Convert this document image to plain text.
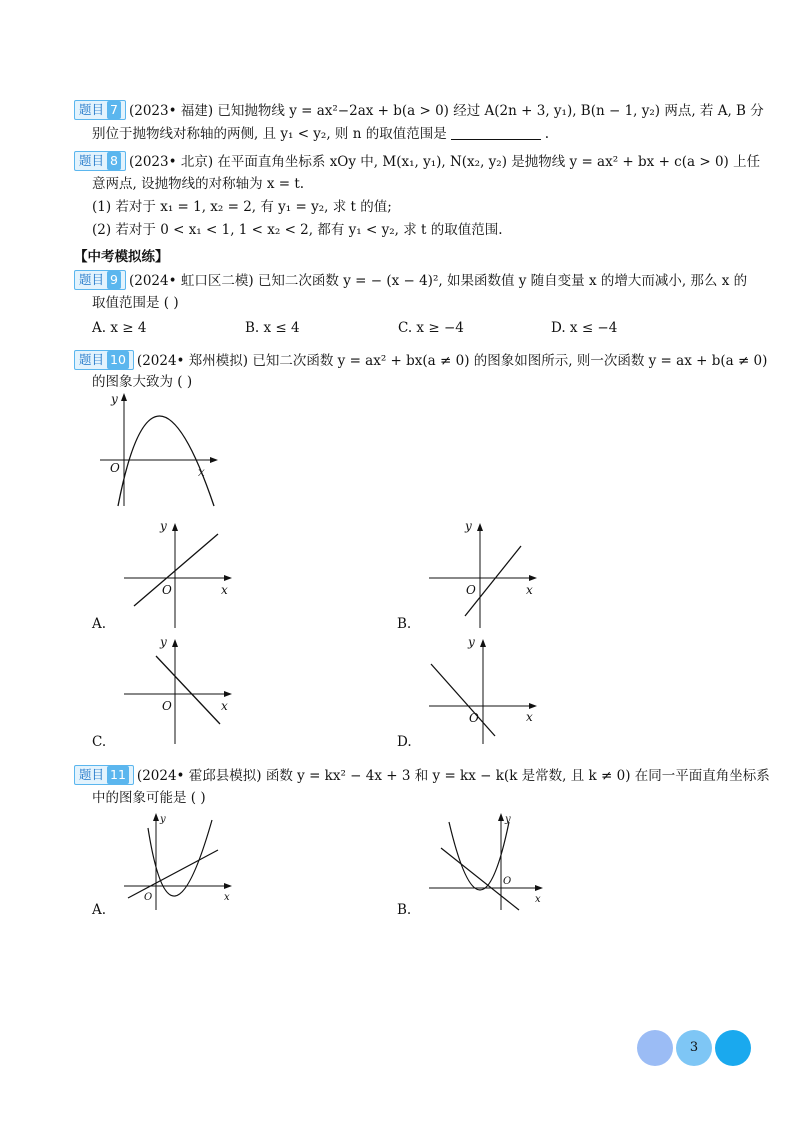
题目 7 (2023• 福建) 已知抛物线 y = ax²−2ax + b(a > 0) 经过 A(2n + 3, y₁), B(n − 1, y₂) 两点, 若 A, B 分
别位于抛物线对称轴的两侧, 且 y₁ < y₂, 则 n 的取值范围是	.
题目 8 (2023• 北京) 在平面直角坐标系 xOy 中, M(x₁, y₁), N(x₂, y₂) 是抛物线 y = ax² + bx + c(a > 0) 上任
意两点, 设抛物线的对称轴为 x = t.
(1) 若对于 x₁ = 1, x₂ = 2, 有 y₁ = y₂, 求 t 的值;
(2) 若对于 0 < x₁ < 1, 1 < x₂ < 2, 都有 y₁ < y₂, 求 t 的取值范围.
【中考模拟练】
题目 9 (2024• 虹口区二模) 已知二次函数 y = − (x − 4)², 如果函数值 y 随自变量 x 的增大而减小, 那么 x 的
取值范围是 ( )
A. x ≥ 4	B. x ≤ 4	C. x ≥ −4	D. x ≤ −4
题目 10 (2024• 郑州模拟) 已知二次函数 y = ax² + bx(a ≠ 0) 的图象如图所示, 则一次函数 y = ax + b(a ≠ 0)
的图象大致为 ( )
y
x
O
y
x
O
A.
y
x
O
B.
y
x
O
C.
y
x
O
D.
题目 11 (2024• 霍邱县模拟) 函数 y = kx² − 4x + 3 和 y = kx − k(k 是常数, 且 k ≠ 0) 在同一平面直角坐标系
中的图象可能是 ( )
y
x
O
A.
y
x
O
B.
3
